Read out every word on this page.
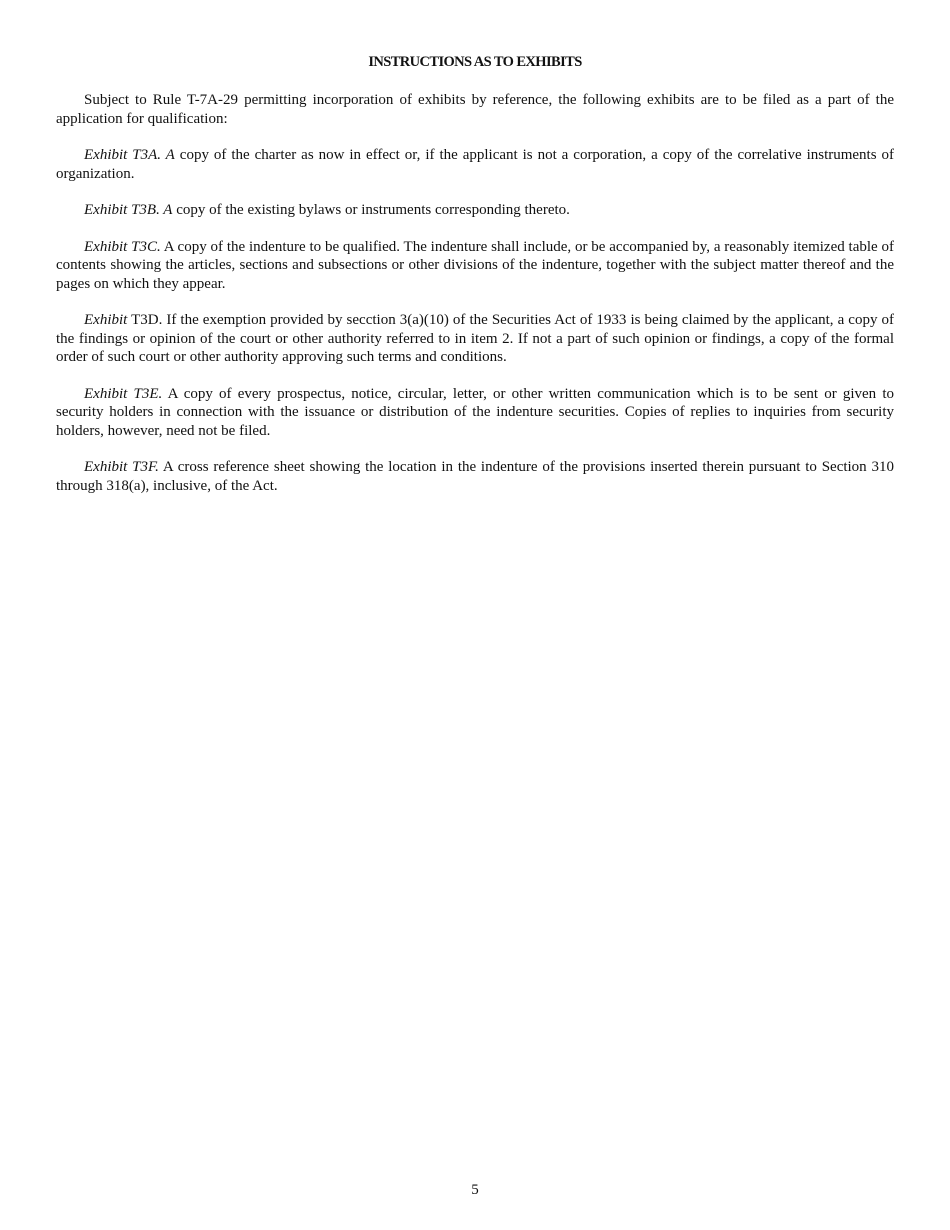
INSTRUCTIONS AS TO EXHIBITS

Subject to Rule T-7A-29 permitting incorporation of exhibits by reference, the following exhibits are to be filed as a part of the application for qualification:

Exhibit T3A. A copy of the charter as now in effect or, if the applicant is not a corporation, a copy of the correlative instruments of organization.

Exhibit T3B. A copy of the existing bylaws or instruments corresponding thereto.

Exhibit T3C. A copy of the indenture to be qualified. The indenture shall include, or be accompanied by, a reasonably itemized table of contents showing the articles, sections and subsections or other divisions of the indenture, together with the subject matter thereof and the pages on which they appear.

Exhibit T3D. If the exemption provided by secction 3(a)(10) of the Securities Act of 1933 is being claimed by the applicant, a copy of the findings or opinion of the court or other authority referred to in item 2. If not a part of such opinion or findings, a copy of the formal order of such court or other authority approving such terms and conditions.

Exhibit T3E. A copy of every prospectus, notice, circular, letter, or other written communication which is to be sent or given to security holders in connection with the issuance or distribution of the indenture securities. Copies of replies to inquiries from security holders, however, need not be filed.

Exhibit T3F. A cross reference sheet showing the location in the indenture of the provisions inserted therein pursuant to Section 310 through 318(a), inclusive, of the Act.

5
